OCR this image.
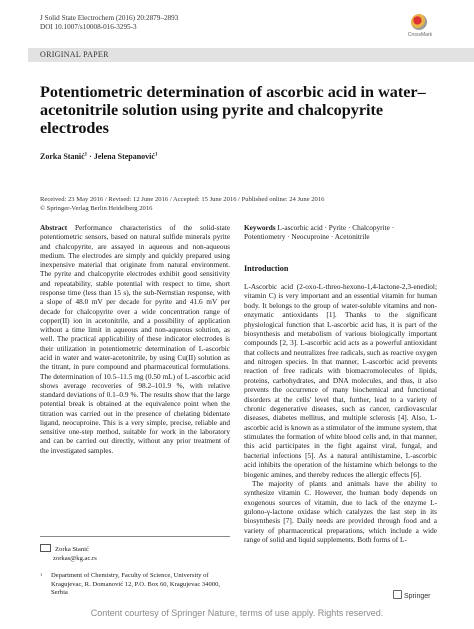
J Solid State Electrochem (2016) 20:2879–2893
DOI 10.1007/s10008-016-3295-3
CrossMark
ORIGINAL PAPER
Potentiometric determination of ascorbic acid in water–acetonitrile solution using pyrite and chalcopyrite electrodes
Zorka Stanić$^1$ · Jelena Stepanović$^1$
Received: 23 May 2016 / Revised: 12 June 2016 / Accepted: 15 June 2016 / Published online: 24 June 2016
© Springer-Verlag Berlin Heidelberg 2016
Abstract Performance characteristics of the solid-state potentiometric sensors, based on natural sulfide minerals pyrite and chalcopyrite, are assayed in aqueous and non-aqueous medium. The electrodes are simply and quickly prepared using inexpensive material that originate from natural environment. The pyrite and chalcopyrite electrodes exhibit good sensitivity and repeatability, stable potential with respect to time, short response time (less than 15 s), the sub-Nernstian response, with a slope of 48.0 mV per decade for pyrite and 41.6 mV per decade for chalcopyrite over a wide concentration range of copper(II) ion in acetonitrile, and a possibility of application without a time limit in aqueous and non-aqueous solution, as well. The practical applicability of these indicator electrodes is their utilization in potentiometric determination of L-ascorbic acid in water and water-acetonitrile, by using Cu(II) solution as the titrant, in pure compound and pharmaceutical formulations. The determination of 10.5–11.5 mg (0.50 mL) of L-ascorbic acid shows average recoveries of 98.2–101.9 %, with relative standard deviations of 0.1–0.9 %. The results show that the large potential break is obtained at the equivalence point when the titration was carried out in the presence of chelating bidentate ligand, neocuproine. This is a very simple, precise, reliable and sensitive one-step method, suitable for work in the laboratory and can be carried out directly, without any prior treatment of the investigated samples.
Keywords L-ascorbic acid · Pyrite · Chalcopyrite · Potentiometry · Neocuproine · Acetonitrile
Introduction

L-Ascorbic acid (2-oxo-L-threo-hexono-1,4-lactone-2,3-enediol; vitamin C) is very important and an essential vitamin for human body. It belongs to the group of water-soluble vitamins and non-enzymatic antioxidants [1]. Thanks to the significant physiological function that L-ascorbic acid has, it is part of the biosynthesis and metabolism of various biologically important compounds [2, 3]. L-ascorbic acid acts as a powerful antioxidant that collects and neutralizes free radicals, such as reactive oxygen and nitrogen species. In that manner, L-ascorbic acid prevents reaction of free radicals with biomacromolecules of lipids, proteins, carbohydrates, and DNA molecules, and thus, it also prevents the occurrence of many biochemical and functional disorders at the cells' level that, further, lead to a variety of chronic degenerative diseases, such as cancer, cardiovascular diseases, diabetes mellitus, and multiple sclerosis [4]. Also, L-ascorbic acid is known as a stimulator of the immune system, that stimulates the formation of white blood cells and, in that manner, this acid participates in the fight against viral, fungal, and bacterial infections [5]. As a natural antihistamine, L-ascorbic acid inhibits the operation of the histamine which belongs to the biogenic amines, and thereby reduces the allergic effects [6].

The majority of plants and animals have the ability to synthesize vitamin C. However, the human body depends on exogenous sources of vitamin, due to lack of the enzyme L-gulono-γ-lactone oxidase which catalyzes the last step in its biosynthesis [7]. Daily needs are provided through food and a variety of pharmaceutical preparations, which include a wide range of solid and liquid supplements. Both forms of L-

Zorka Stanić
zorkas@kg.ac.rs
1	Department of Chemistry, Faculty of Science, University of Kragujevac, R. Domanović 12, P.O. Box 60, Kragujevac 34000, Serbia
Springer
Content courtesy of Springer Nature, terms of use apply. Rights reserved.
